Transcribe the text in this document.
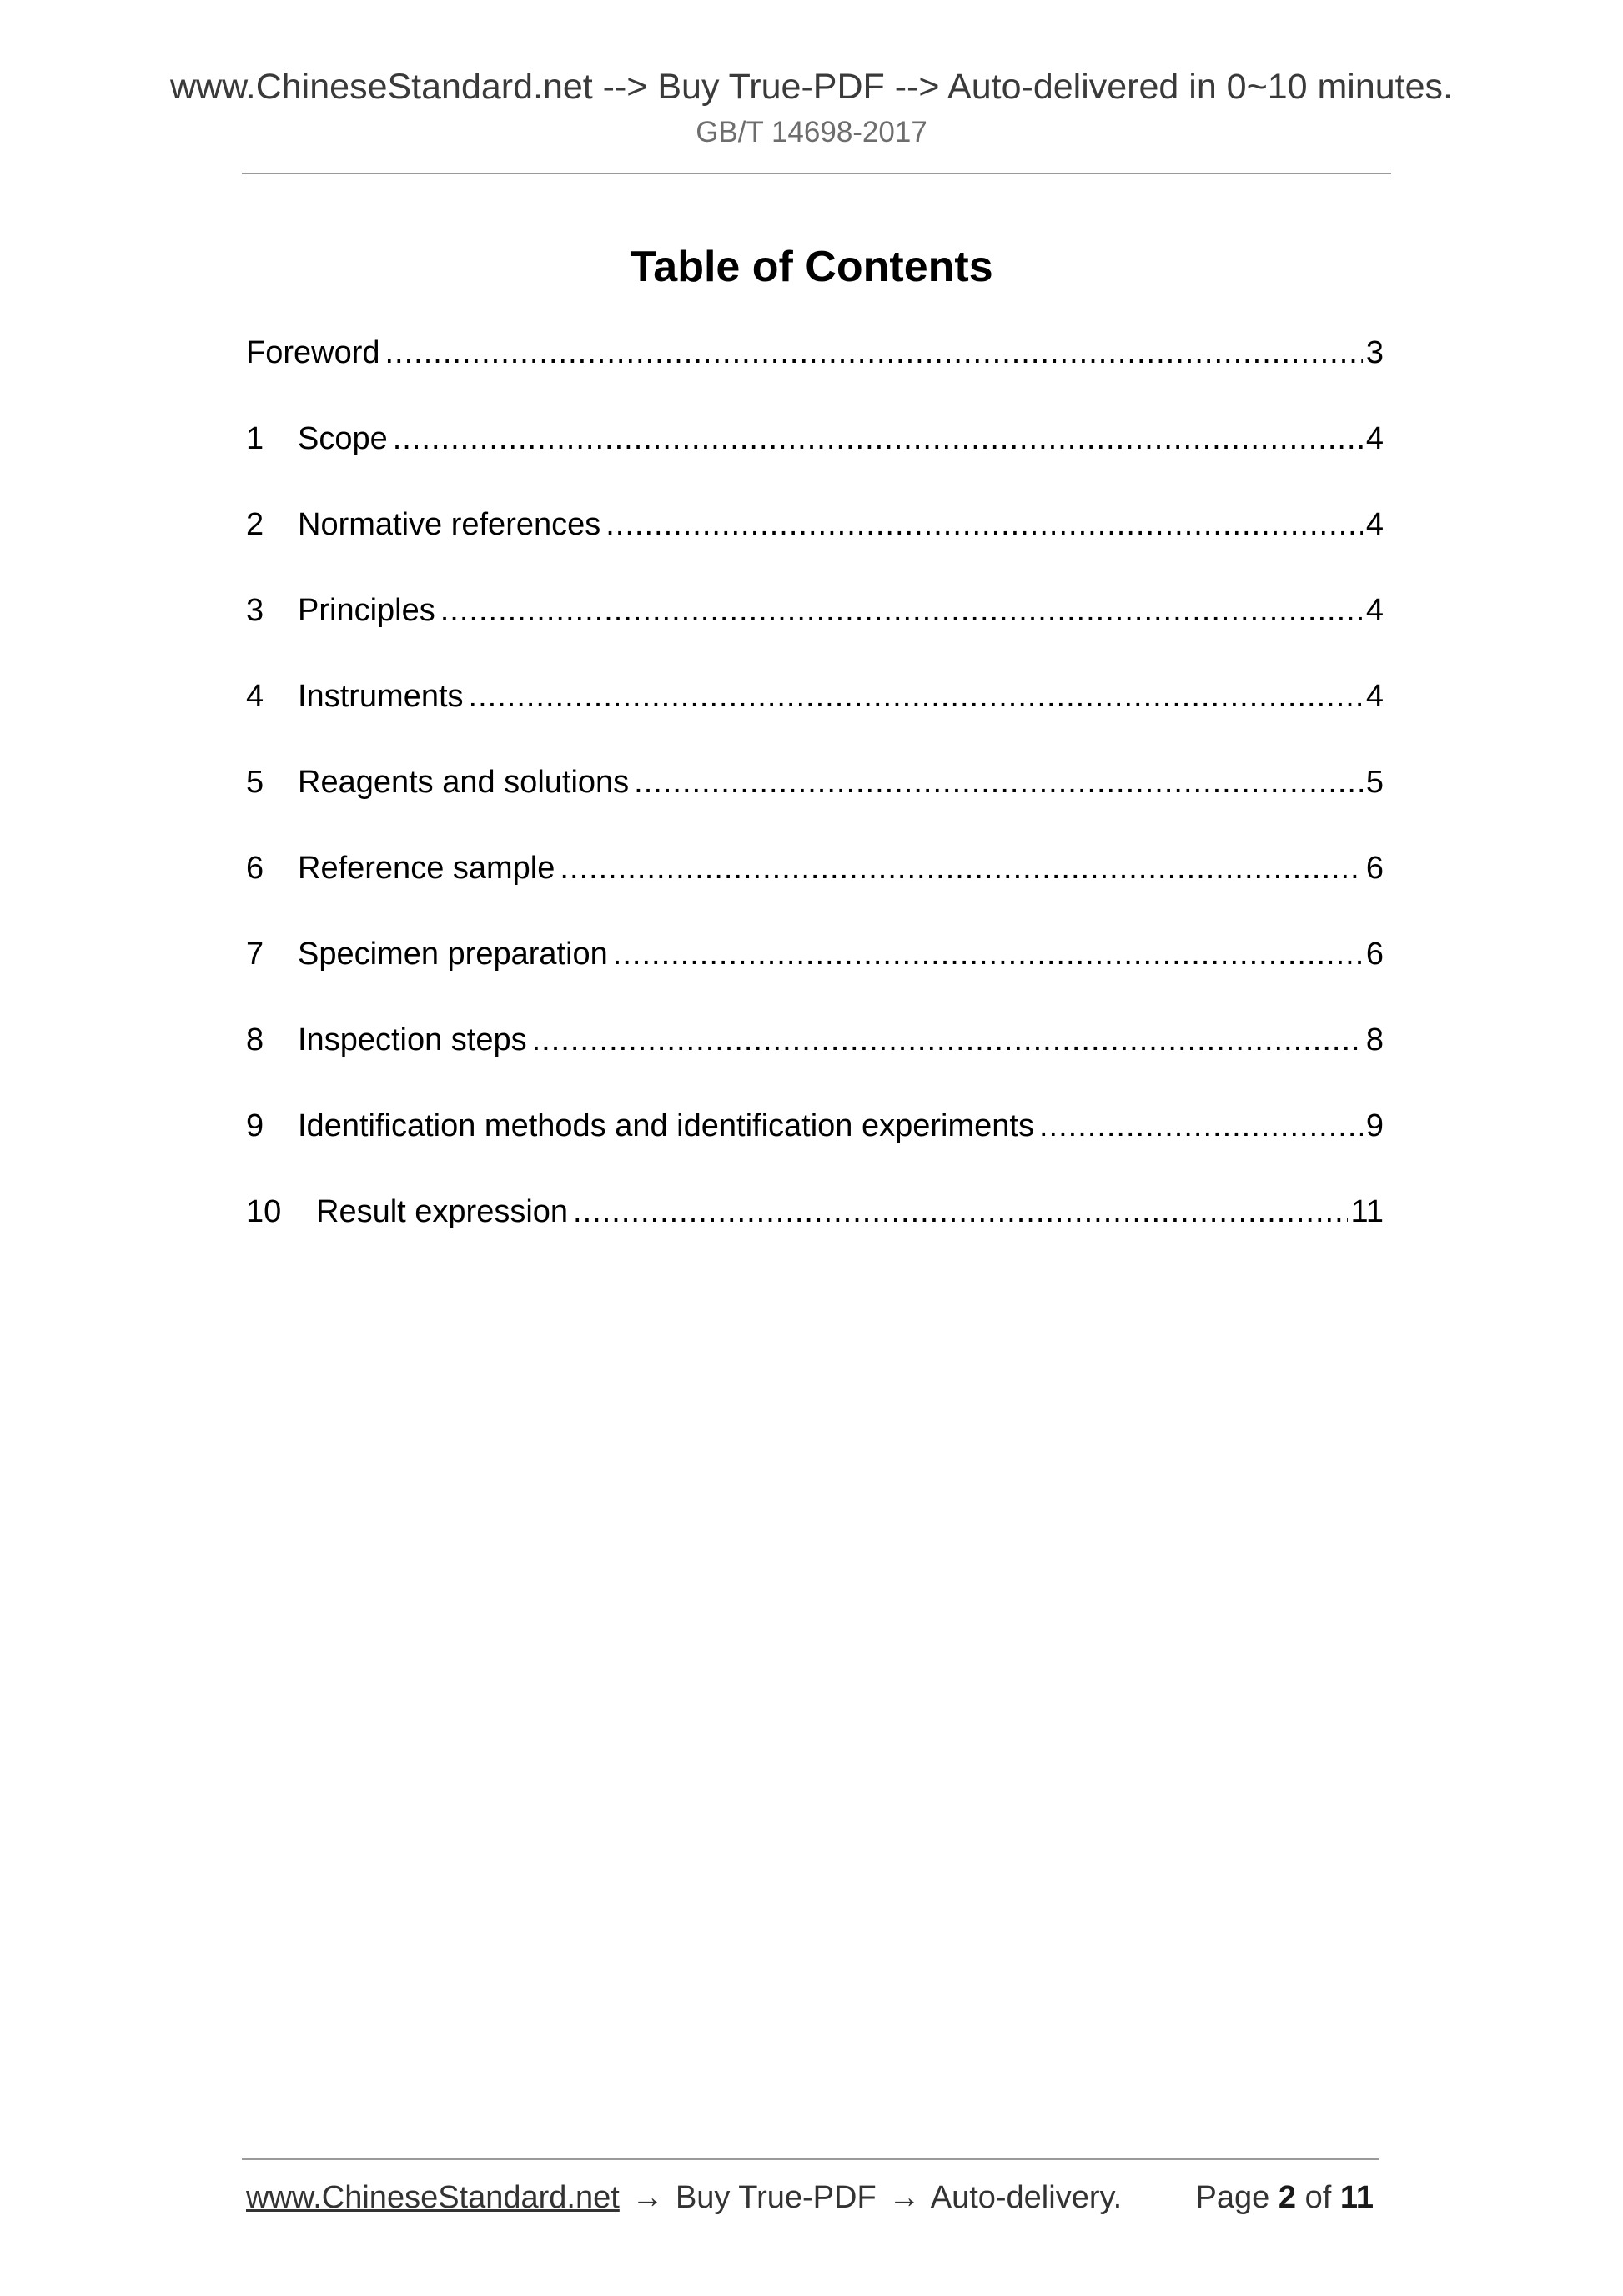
www.ChineseStandard.net --> Buy True-PDF --> Auto-delivered in 0~10 minutes.
GB/T 14698-2017
Table of Contents
Foreword .....	3
1	Scope .....	4
2	Normative references .....	4
3	Principles .....	4
4	Instruments .....	4
5	Reagents and solutions .....	5
6	Reference sample .....	6
7	Specimen preparation .....	6
8	Inspection steps .....	8
9	Identification methods and identification experiments .....	9
10	Result expression .....	11
www.ChineseStandard.net → Buy True-PDF → Auto-delivery. Page 2 of 11
